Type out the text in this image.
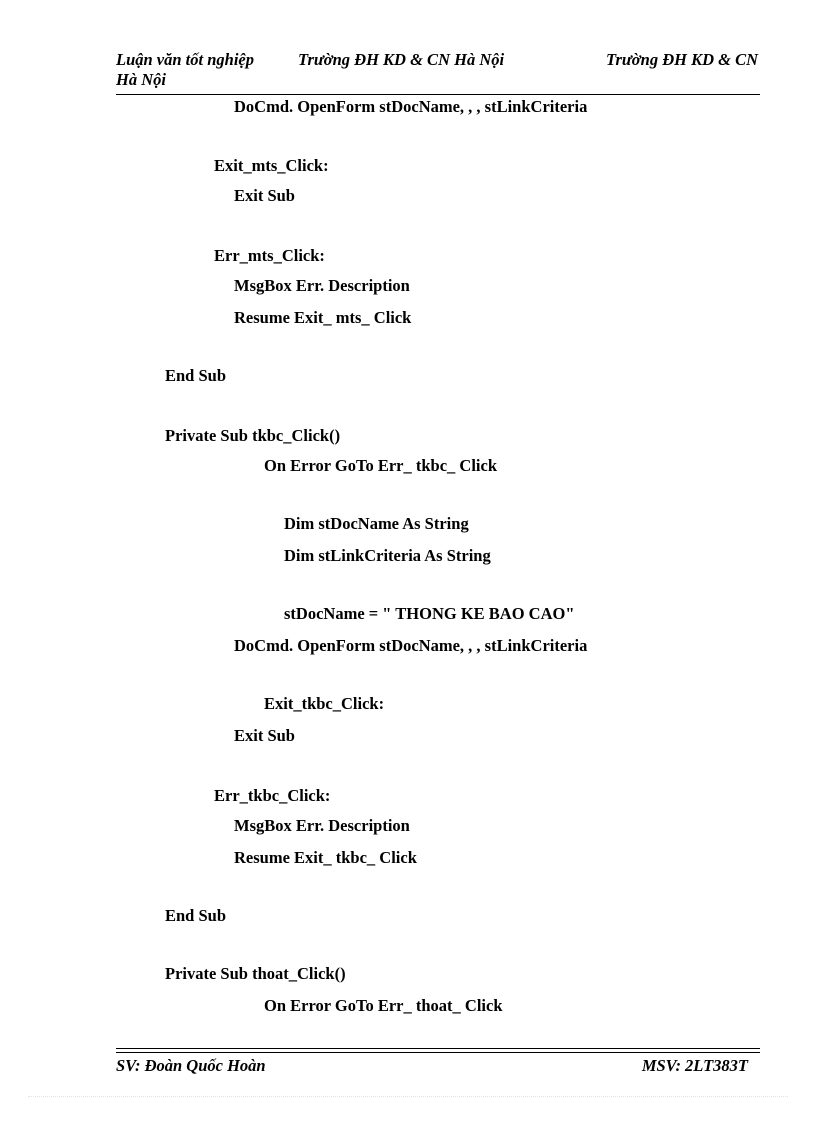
Luận văn tốt nghiệp	Trường ĐH KD & CN Hà Nội	Trường ĐH KD & CN
Hà Nội
DoCmd. OpenForm stDocName, , , stLinkCriteria
Exit_mts_Click:
Exit Sub
Err_mts_Click:
MsgBox Err. Description
Resume Exit_ mts_ Click
End Sub
Private Sub tkbc_Click()
On Error GoTo Err_ tkbc_ Click
Dim stDocName As String
Dim stLinkCriteria As String
stDocName = " THONG KE BAO CAO"
DoCmd. OpenForm stDocName, , , stLinkCriteria
Exit_tkbc_Click:
Exit Sub
Err_tkbc_Click:
MsgBox Err. Description
Resume Exit_ tkbc_ Click
End Sub
Private Sub thoat_Click()
On Error GoTo Err_ thoat_ Click
SV: Đoàn Quốc Hoàn	MSV: 2LT383T
